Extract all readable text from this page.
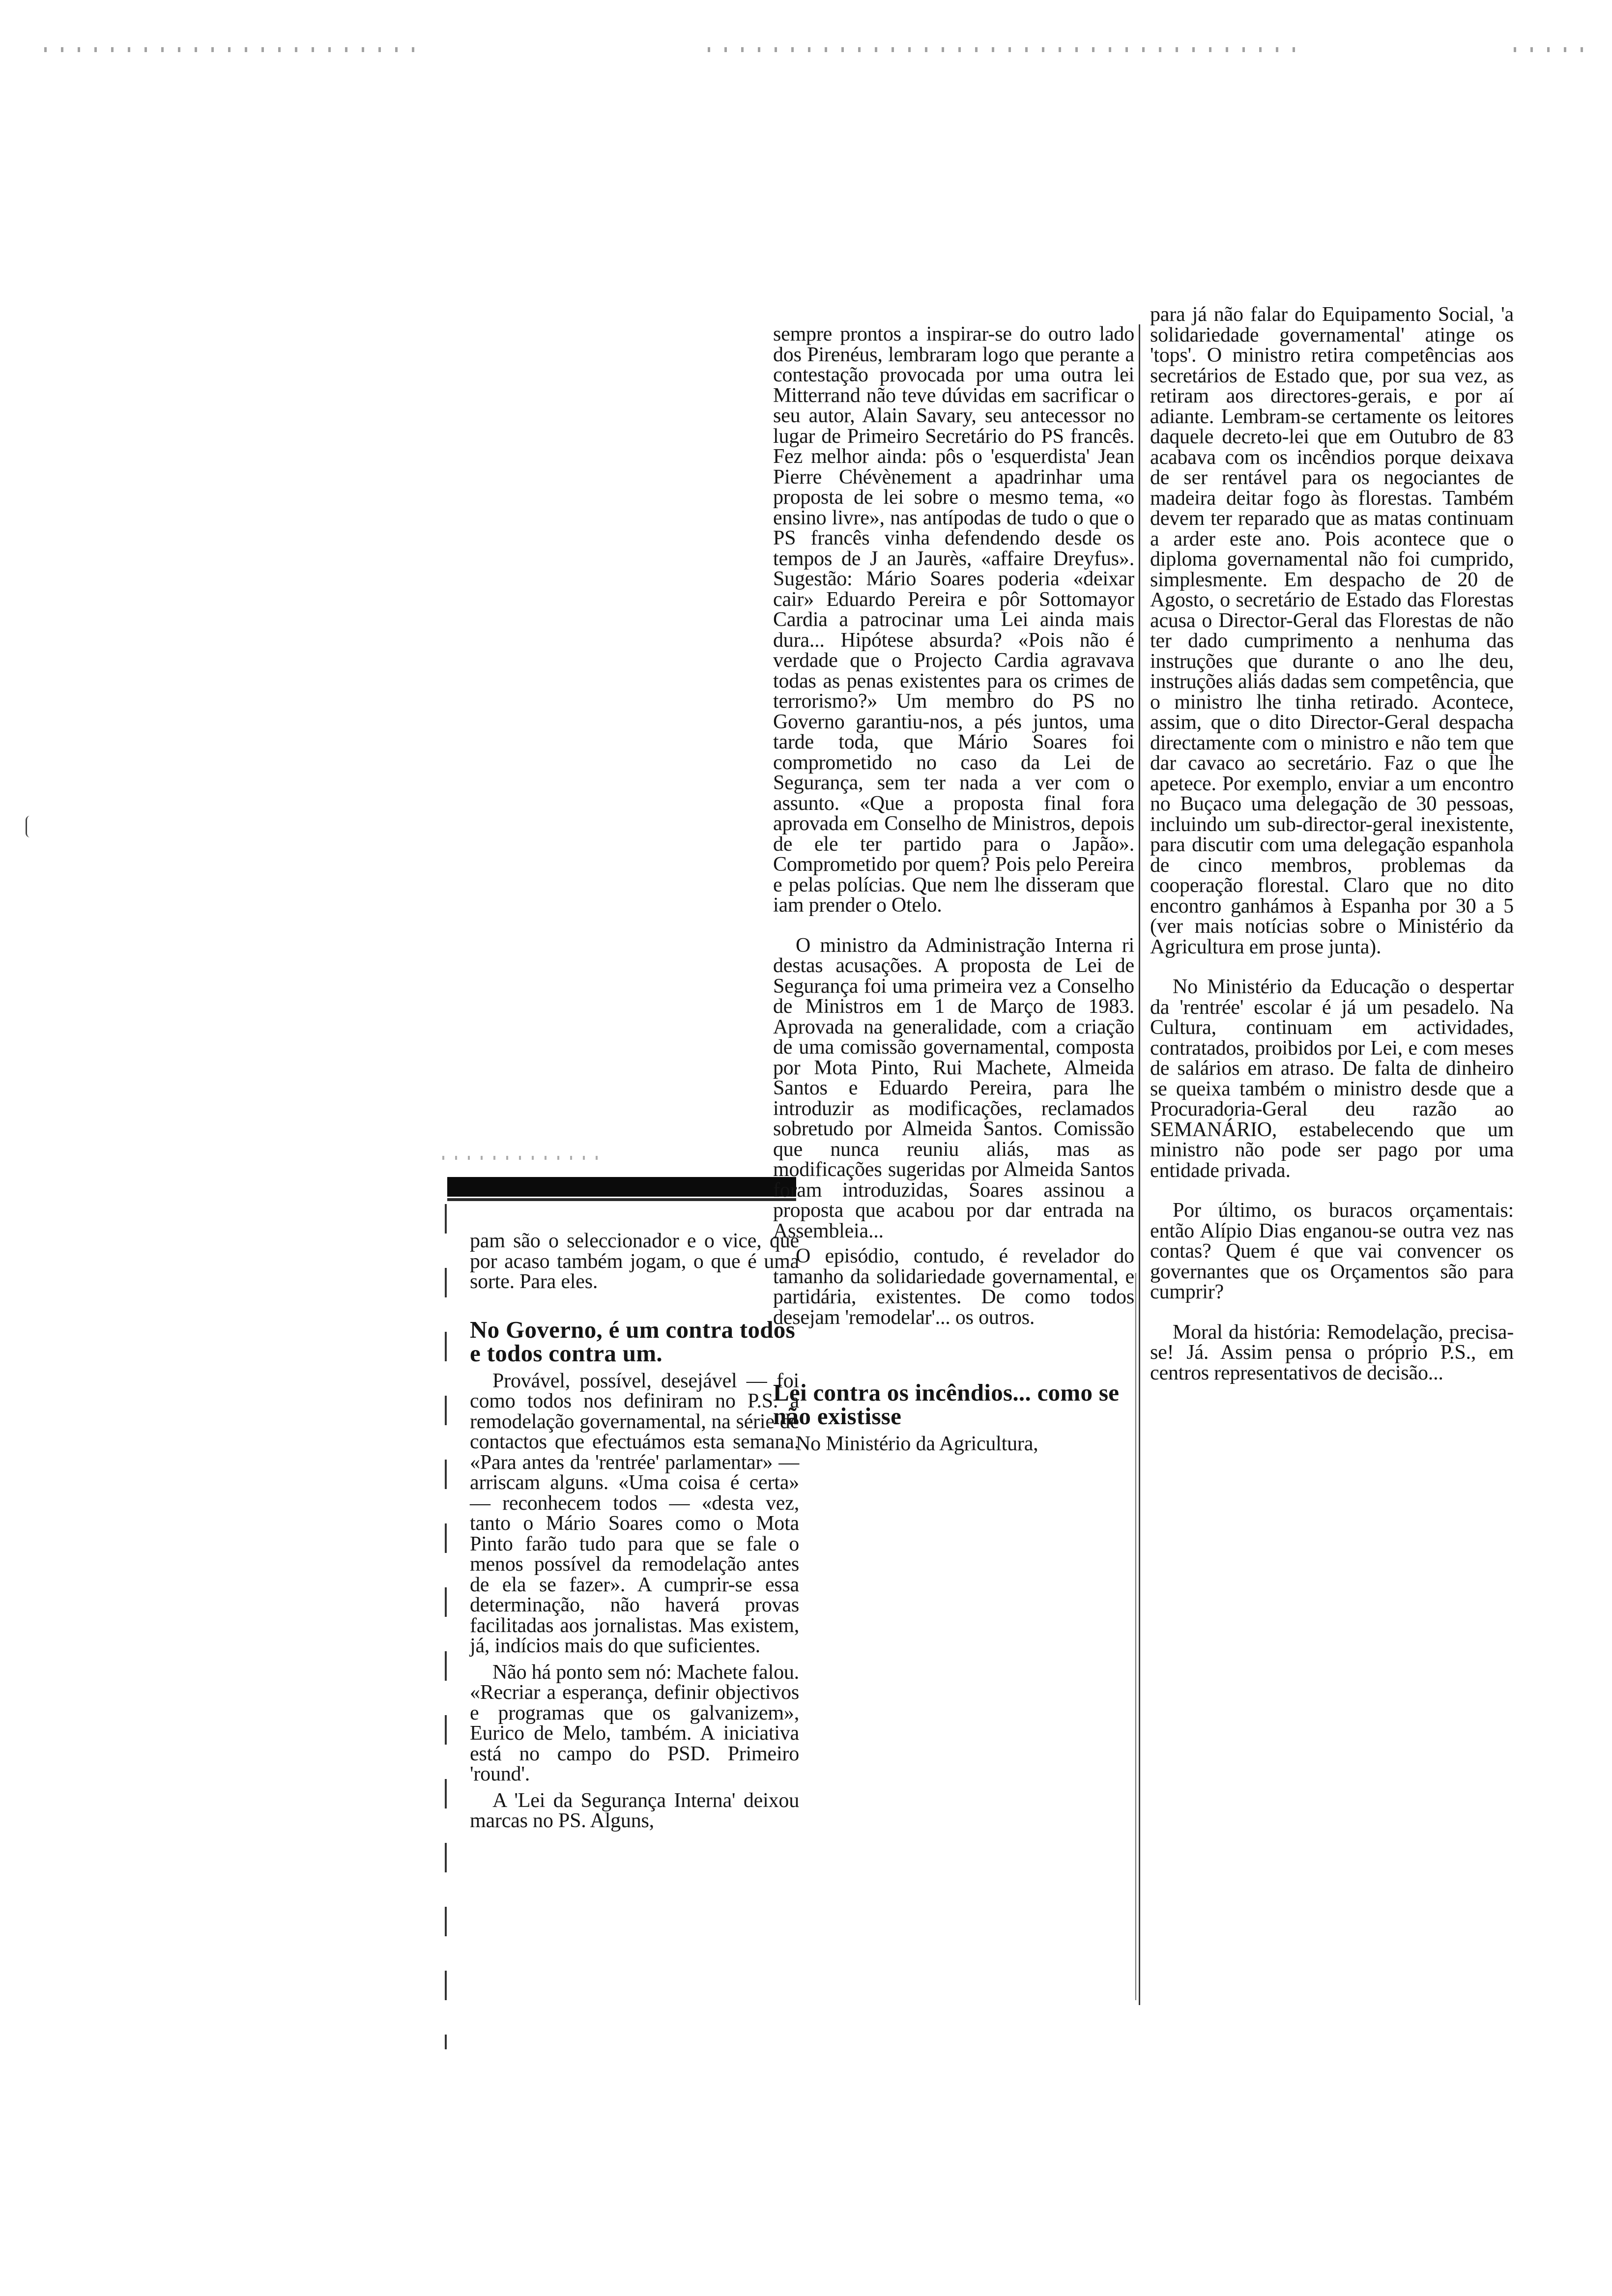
pam são o seleccionador e o vice, que por acaso também jogam, o que é uma sorte. Para eles.

No Governo, é um contra todos e todos contra um.

Provável, possível, desejável — foi como todos nos definiram no P.S. a remodelação governamental, na série de contactos que efectuámos esta semana. «Para antes da 'rentrée' parlamentar» — arriscam alguns. «Uma coisa é certa» — reconhecem todos — «desta vez, tanto o Mário Soares como o Mota Pinto farão tudo para que se fale o menos possível da remodelação antes de ela se fazer». A cumprir-se essa determinação, não haverá provas facilitadas aos jornalistas. Mas existem, já, indícios mais do que suficientes.

Não há ponto sem nó: Machete falou. «Recriar a esperança, definir objectivos e programas que os galvanizem», Eurico de Melo, também. A iniciativa está no campo do PSD. Primeiro 'round'.

A 'Lei da Segurança Interna' deixou marcas no PS. Alguns,

sempre prontos a inspirar-se do outro lado dos Pirenéus, lembraram logo que perante a contestação provocada por uma outra lei Mitterrand não teve dúvidas em sacrificar o seu autor, Alain Savary, seu antecessor no lugar de Primeiro Secretário do PS francês. Fez melhor ainda: pôs o 'esquerdista' Jean Pierre Chévènement a apadrinhar uma proposta de lei sobre o mesmo tema, «o ensino livre», nas antípodas de tudo o que o PS francês vinha defendendo desde os tempos de J an Jaurès, «affaire Dreyfus». Sugestão: Mário Soares poderia «deixar cair» Eduardo Pereira e pôr Sottomayor Cardia a patrocinar uma Lei ainda mais dura... Hipótese absurda? «Pois não é verdade que o Projecto Cardia agravava todas as penas existentes para os crimes de terrorismo?» Um membro do PS no Governo garantiu-nos, a pés juntos, uma tarde toda, que Mário Soares foi comprometido no caso da Lei de Segurança, sem ter nada a ver com o assunto. «Que a proposta final fora aprovada em Conselho de Ministros, depois de ele ter partido para o Japão». Comprometido por quem? Pois pelo Pereira e pelas polícias. Que nem lhe disseram que iam prender o Otelo.

O ministro da Administração Interna ri destas acusações. A proposta de Lei de Segurança foi uma primeira vez a Conselho de Ministros em 1 de Março de 1983. Aprovada na generalidade, com a criação de uma comissão governamental, composta por Mota Pinto, Rui Machete, Almeida Santos e Eduardo Pereira, para lhe introduzir as modificações, reclamados sobretudo por Almeida Santos. Comissão que nunca reuniu aliás, mas as modificações sugeridas por Almeida Santos foram introduzidas, Soares assinou a proposta que acabou por dar entrada na Assembleia...

O episódio, contudo, é revelador do tamanho da solidariedade governamental, e partidária, existentes. De como todos desejam 'remodelar'... os outros.

Lei contra os incêndios... como se não existisse

No Ministério da Agricultura,

para já não falar do Equipamento Social, 'a solidariedade governamental' atinge os 'tops'. O ministro retira competências aos secretários de Estado que, por sua vez, as retiram aos directores-gerais, e por aí adiante. Lembram-se certamente os leitores daquele decreto-lei que em Outubro de 83 acabava com os incêndios porque deixava de ser rentável para os negociantes de madeira deitar fogo às florestas. Também devem ter reparado que as matas continuam a arder este ano. Pois acontece que o diploma governamental não foi cumprido, simplesmente. Em despacho de 20 de Agosto, o secretário de Estado das Florestas acusa o Director-Geral das Florestas de não ter dado cumprimento a nenhuma das instruções que durante o ano lhe deu, instruções aliás dadas sem competência, que o ministro lhe tinha retirado. Acontece, assim, que o dito Director-Geral despacha directamente com o ministro e não tem que dar cavaco ao secretário. Faz o que lhe apetece. Por exemplo, enviar a um encontro no Buçaco uma delegação de 30 pessoas, incluindo um sub-director-geral inexistente, para discutir com uma delegação espanhola de cinco membros, problemas da cooperação florestal. Claro que no dito encontro ganhámos à Espanha por 30 a 5 (ver mais notícias sobre o Ministério da Agricultura em prose junta).

No Ministério da Educação o despertar da 'rentrée' escolar é já um pesadelo. Na Cultura, continuam em actividades, contratados, proibidos por Lei, e com meses de salários em atraso. De falta de dinheiro se queixa também o ministro desde que a Procuradoria-Geral deu razão ao SEMANÁRIO, estabelecendo que um ministro não pode ser pago por uma entidade privada.

Por último, os buracos orçamentais: então Alípio Dias enganou-se outra vez nas contas? Quem é que vai convencer os governantes que os Orçamentos são para cumprir?

Moral da história: Remodelação, precisa-se! Já. Assim pensa o próprio P.S., em centros representativos de decisão...
